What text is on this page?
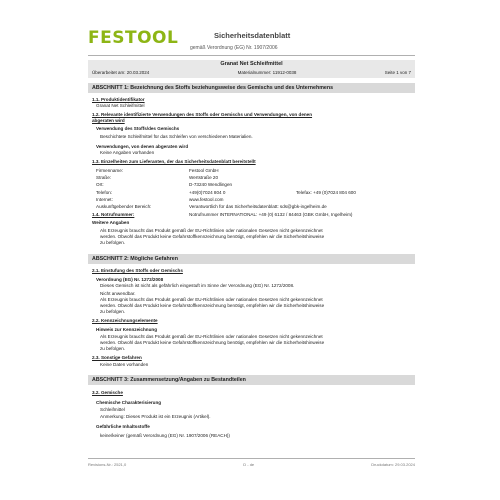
FESTOOL	Sicherheitsdatenblatt
gemäß Verordnung (EG) Nr. 1907/2006
Granat Net Schleifmittel
Überarbeitet am: 20.03.2024	Materialnummer: 11912-0038	Seite 1 von 7
ABSCHNITT 1: Bezeichnung des Stoffs beziehungsweise des Gemischs und des Unternehmens
1.1. Produktidentifikator
Granat Net Schleifmittel
1.2. Relevante identifizierte Verwendungen des Stoffs oder Gemischs und Verwendungen, von denen
abgeraten wird
Verwendung des Stoffs/des Gemischs
Beschichtete Schleifmittel für das Schleifen von verschiedenen Materialien.
Verwendungen, von denen abgeraten wird
Keine Angaben vorhanden
1.3. Einzelheiten zum Lieferanten, der das Sicherheitsdatenblatt bereitstellt
Firmenname:	Festool GmbH
Straße:	Wertstraße 20
Ort:	D-73240 Wendlingen
Telefon:	+49(0)7024 804 0	Telefax: +49 (0)7024 804 600
Internet:	www.festool.com
Auskunftgebender Bereich:	Verantwortlich für das Sicherheitsdatenblatt: sds@gbk-ingelheim.de
1.4. Notrufnummer:	Notrufnummer INTERNATIONAL: +49 (0) 6132 / 84463 (GBK GmbH, Ingelheim)
Weitere Angaben
Als Erzeugnis braucht das Produkt gemäß der EU-Richtlinien oder nationalen Gesetzen nicht gekennzeichnet
werden. Obwohl das Produkt keine Gefahrstoffkennzeichnung benötigt, empfehlen wir die Sicherheitshinweise
zu befolgen.
ABSCHNITT 2: Mögliche Gefahren
2.1. Einstufung des Stoffs oder Gemischs
Verordnung (EG) Nr. 1272/2008
Dieses Gemisch ist nicht als gefährlich eingestuft im Sinne der Verordnung (EG) Nr. 1272/2008.
Nicht anwendbar.
Als Erzeugnis braucht das Produkt gemäß der EU-Richtlinien oder nationalen Gesetzen nicht gekennzeichnet
werden. Obwohl das Produkt keine Gefahrstoffkennzeichnung benötigt, empfehlen wir die Sicherheitshinweise
zu befolgen.
2.2. Kennzeichnungselemente
Hinweis zur Kennzeichnung
Als Erzeugnis braucht das Produkt gemäß der EU-Richtlinien oder nationalen Gesetzen nicht gekennzeichnet
werden. Obwohl das Produkt keine Gefahrstoffkennzeichnung benötigt, empfehlen wir die Sicherheitshinweise
zu befolgen.
2.3. Sonstige Gefahren
Keine Daten vorhanden
ABSCHNITT 3: Zusammensetzung/Angaben zu Bestandteilen
3.2. Gemische
Chemische Charakterisierung
Schleifmittel
Anmerkung: Dieses Produkt ist ein Erzeugnis (Artikel).
Gefährliche Inhaltsstoffe
keine/keiner (gemäß Verordnung (EG) Nr. 1907/2006 (REACH))
Revisions-Nr.: 2521,0	D - de	Druckdatum: 29.03.2024
